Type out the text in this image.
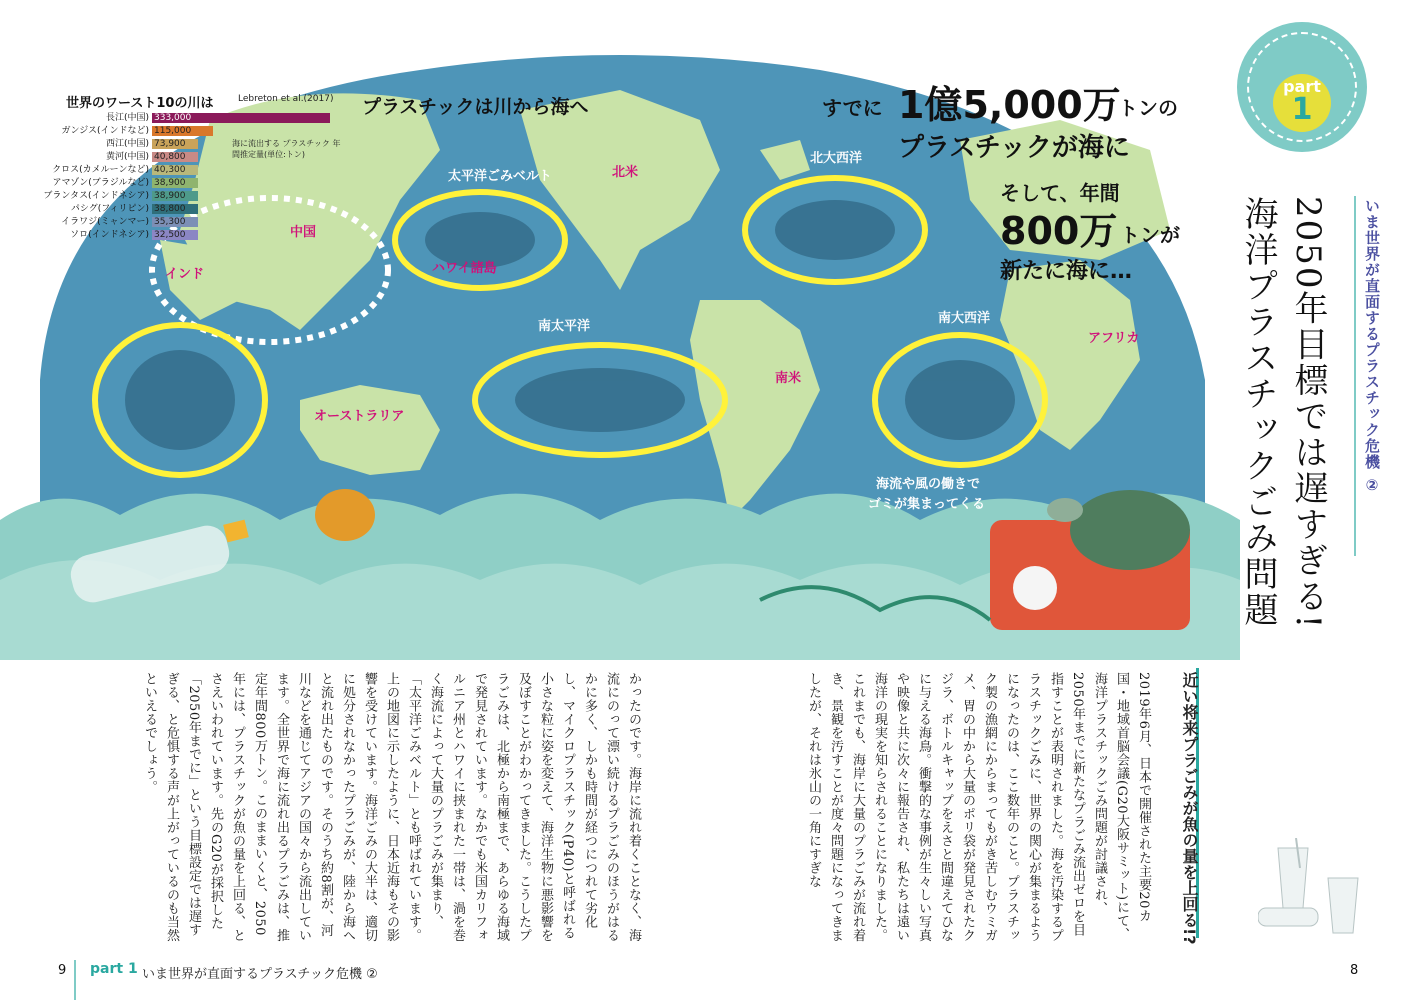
中国
インド
北米
南米
アフリカ
オーストラリア
ハワイ諸島
太平洋ごみベルト
北大西洋
南太平洋
南大西洋
海流や風の働きで
ゴミが集まってくる
プラスチックは川から海へ	すでに 1億5,000万
トンの
プラスチックが海に
そして、年間
800万 トンが
新たに海に…
世界のワースト10の川は	Lebreton et al.(2017)
海に流出する プラスチック 年間推定量(単位:トン)
長江(中国) 333,000
ガンジス(インドなど) 115,000
西江(中国) 73,900
黄河(中国) 40,800
クロス(カメルーンなど) 40,300
アマゾン(ブラジルなど) 38,900
ブランタス(インドネシア) 38,900
パシグ(フィリピン) 38,800
イラワジ(ミャンマー) 35,300
ソロ(インドネシア) 32,500
part
1
いま世界が直面するプラスチック危機 ②
2050年目標では遅すぎる!
海洋プラスチックごみ問題
近い将来プラごみが魚の量を上回る!?
2019年6月、日本で開催された主要20カ国・地域首脳会議(G20大阪サミット)にて、海洋プラスチックごみ問題が討議され、2050年までに新たなプラごみ流出ゼロを目指すことが表明されました。海を汚染するプラスチックごみに、世界の関心が集まるようになったのは、ここ数年のこと。プラスチック製の漁網にからまってもがき苦しむウミガメ、胃の中から大量のポリ袋が発見されたクジラ、ボトルキャップをえさと間違えてひなに与える海鳥。衝撃的な事例が生々しい写真や映像と共に次々に報告され、私たちは遠い海洋の現実を知らされることになりました。これまでも、海岸に大量のプラごみが流れ着き、景観を汚すことが度々問題になってきましたが、それは氷山の一角にすぎな
かったのです。海岸に流れ着くことなく、海流にのって漂い続けるプラごみのほうがはるかに多く、しかも時間が経つにつれて劣化し、マイクロプラスチック(P40)と呼ばれる小さな粒に姿を変えて、海洋生物に悪影響を及ぼすことがわかってきました。こうしたプラごみは、北極から南極まで、あらゆる海域で発見されています。なかでも米国カリフォルニア州とハワイに挟まれた一帯は、渦を巻く海流によって大量のプラごみが集まり、「太平洋ごみベルト」とも呼ばれています。上の地図に示したように、日本近海もその影響を受けています。海洋ごみの大半は、適切に処分されなかったプラごみが、陸から海へと流れ出たものです。そのうち約8割が、河川などを通じてアジアの国々から流出しています。全世界で海に流れ出るプラごみは、推定年間800万トン。このままいくと、2050年には、プラスチックが魚の量を上回る、とさえいわれています。先のG20が採択した「2050年までに」という目標設定では遅すぎる、と危惧する声が上がっているのも当然といえるでしょう。
9 part 1 いま世界が直面するプラスチック危機 ②	8
